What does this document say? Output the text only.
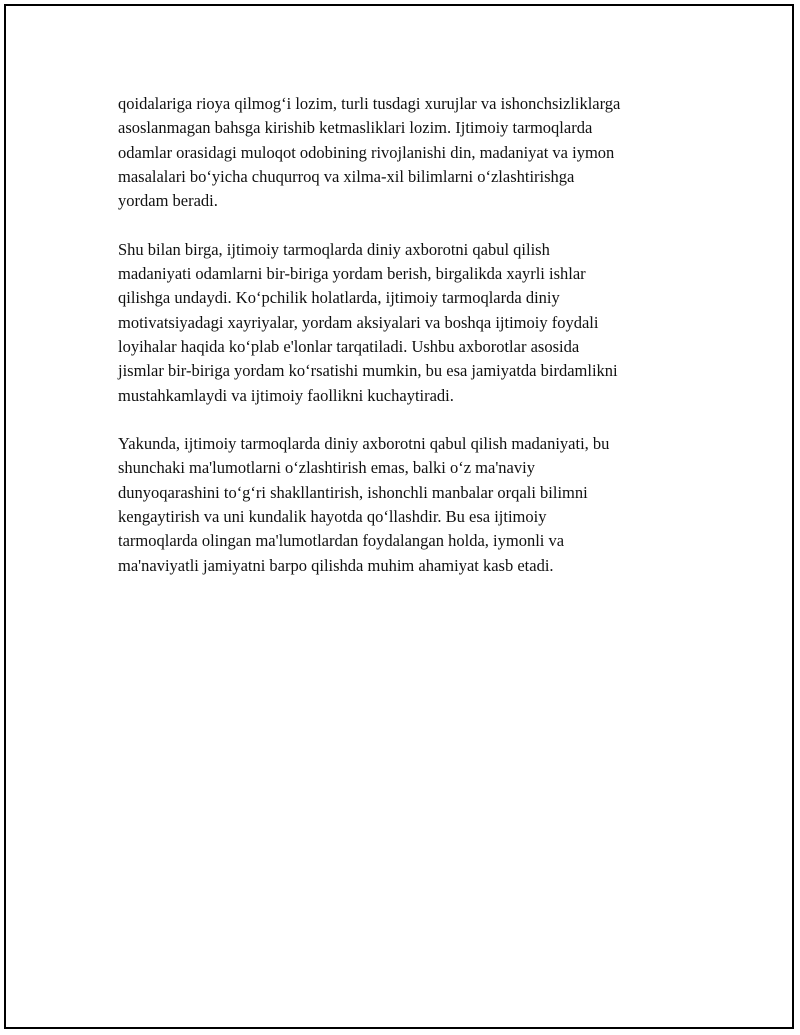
qoidalariga rioya qilmog‘i lozim, turli tusdagi xurujlar va ishonchsizliklarga
asoslanmagan bahsga kirishib ketmasliklari lozim. Ijtimoiy tarmoqlarda
odamlar orasidagi muloqot odobining rivojlanishi din, madaniyat va iymon
masalalari bo‘yicha chuqurroq va xilma-xil bilimlarni o‘zlashtirishga
yordam beradi.

Shu bilan birga, ijtimoiy tarmoqlarda diniy axborotni qabul qilish
madaniyati odamlarni bir-biriga yordam berish, birgalikda xayrli ishlar
qilishga undaydi. Ko‘pchilik holatlarda, ijtimoiy tarmoqlarda diniy
motivatsiyadagi xayriyalar, yordam aksiyalari va boshqa ijtimoiy foydali
loyihalar haqida ko‘plab e'lonlar tarqatiladi. Ushbu axborotlar asosida
jismlar bir-biriga yordam ko‘rsatishi mumkin, bu esa jamiyatda birdamlikni
mustahkamlaydi va ijtimoiy faollikni kuchaytiradi.

Yakunda, ijtimoiy tarmoqlarda diniy axborotni qabul qilish madaniyati, bu
shunchaki ma'lumotlarni o‘zlashtirish emas, balki o‘z ma'naviy
dunyoqarashini to‘g‘ri shakllantirish, ishonchli manbalar orqali bilimni
kengaytirish va uni kundalik hayotda qo‘llashdir. Bu esa ijtimoiy
tarmoqlarda olingan ma'lumotlardan foydalangan holda, iymonli va
ma'naviyatli jamiyatni barpo qilishda muhim ahamiyat kasb etadi.
